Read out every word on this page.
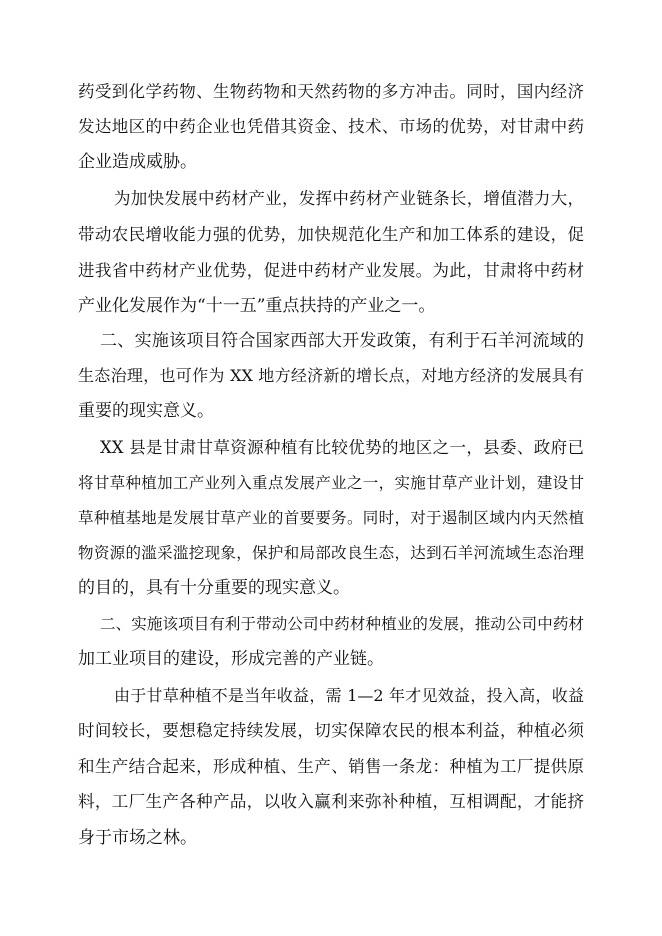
药受到化学药物、生物药物和天然药物的多方冲击。同时，国内经济
发达地区的中药企业也凭借其资金、技术、市场的优势，对甘肃中药
企业造成威胁。
为加快发展中药材产业，发挥中药材产业链条长，增值潜力大，
带动农民增收能力强的优势，加快规范化生产和加工体系的建设，促
进我省中药材产业优势，促进中药材产业发展。为此，甘肃将中药材
产业化发展作为“十一五”重点扶持的产业之一。
二、实施该项目符合国家西部大开发政策，有利于石羊河流域的
生态治理，也可作为 XX 地方经济新的增长点，对地方经济的发展具有
重要的现实意义。
XX 县是甘肃甘草资源种植有比较优势的地区之一，县委、政府已
将甘草种植加工产业列入重点发展产业之一，实施甘草产业计划，建设甘
草种植基地是发展甘草产业的首要要务。同时，对于遏制区域内内天然植
物资源的滥采滥挖现象，保护和局部改良生态，达到石羊河流域生态治理
的目的，具有十分重要的现实意义。
二、实施该项目有利于带动公司中药材种植业的发展，推动公司中药材
加工业项目的建设，形成完善的产业链。
由于甘草种植不是当年收益，需 1—2 年才见效益，投入高，收益
时间较长，要想稳定持续发展，切实保障农民的根本利益，种植必须
和生产结合起来，形成种植、生产、销售一条龙：种植为工厂提供原
料，工厂生产各种产品，以收入赢利来弥补种植，互相调配，才能挤
身于市场之林。
